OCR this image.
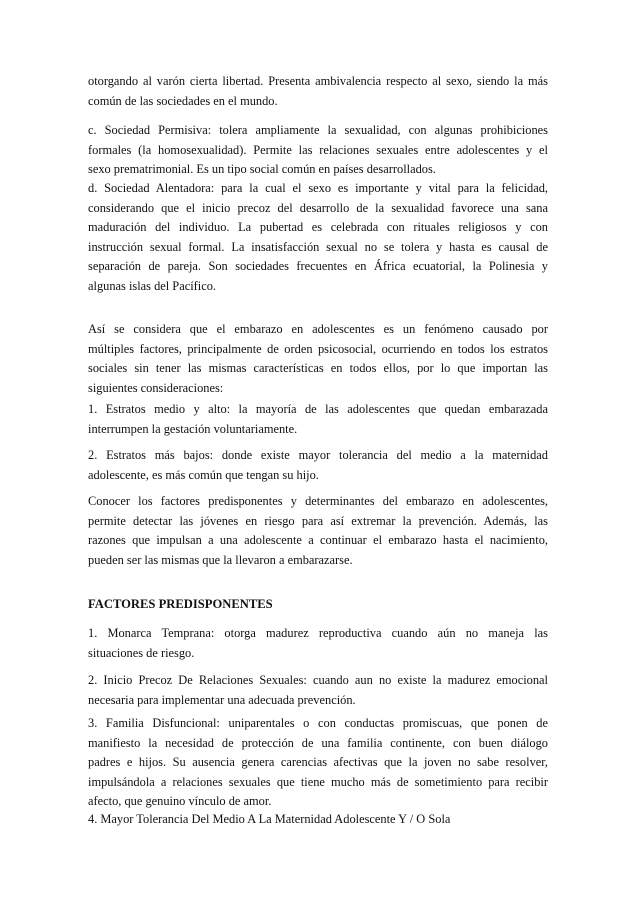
otorgando al varón cierta libertad. Presenta ambivalencia respecto al sexo, siendo la más
común de las sociedades en el mundo.
c. Sociedad Permisiva: tolera ampliamente la sexualidad, con algunas prohibiciones
formales (la homosexualidad). Permite las relaciones sexuales entre adolescentes y el
sexo prematrimonial. Es un tipo social común en países desarrollados.
d. Sociedad Alentadora: para la cual el sexo es importante y vital para la felicidad,
considerando que el inicio precoz del desarrollo de la sexualidad favorece una sana
maduración del individuo. La pubertad es celebrada con rituales religiosos y con
instrucción sexual formal. La insatisfacción sexual no se tolera y hasta es causal de
separación de pareja. Son sociedades frecuentes en África ecuatorial, la Polinesia y
algunas islas del Pacífico.
Así se considera que el embarazo en adolescentes es un fenómeno causado por
múltiples factores, principalmente de orden psicosocial, ocurriendo en todos los estratos
sociales sin tener las mismas características en todos ellos, por lo que importan las
siguientes consideraciones:
1. Estratos medio y alto: la mayoría de las adolescentes que quedan embarazada
interrumpen la gestación voluntariamente.
2. Estratos más bajos: donde existe mayor tolerancia del medio a la maternidad
adolescente, es más común que tengan su hijo.
Conocer los factores predisponentes y determinantes del embarazo en adolescentes,
permite detectar las jóvenes en riesgo para así extremar la prevención. Además, las
razones que impulsan a una adolescente a continuar el embarazo hasta el nacimiento,
pueden ser las mismas que la llevaron a embarazarse.
FACTORES PREDISPONENTES
1. Monarca Temprana: otorga madurez reproductiva cuando aún no maneja las
situaciones de riesgo.
2. Inicio Precoz De Relaciones Sexuales: cuando aun no existe la madurez emocional
necesaria para implementar una adecuada prevención.
3. Familia Disfuncional: uniparentales o con conductas promiscuas, que ponen de
manifiesto la necesidad de protección de una familia continente, con buen diálogo
padres e hijos. Su ausencia genera carencias afectivas que la joven no sabe resolver,
impulsándola a relaciones sexuales que tiene mucho más de sometimiento para recibir
afecto, que genuino vínculo de amor.
4. Mayor Tolerancia Del Medio A La Maternidad Adolescente Y / O Sola
